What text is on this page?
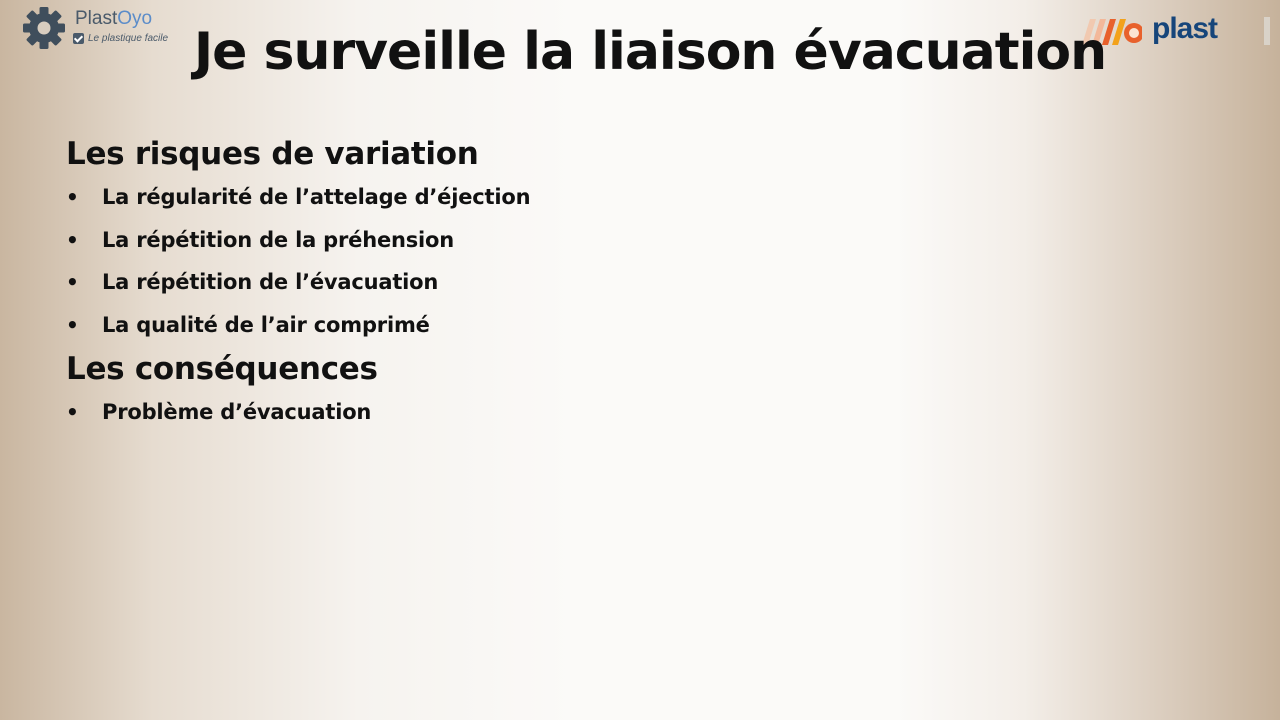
PlastOyo
Le plastique facile	plast
Je surveille la liaison évacuation
Les risques de variation
• La régularité de l’attelage d’éjection
• La répétition de la préhension
• La répétition de l’évacuation
• La qualité de l’air comprimé
Les conséquences
• Problème d’évacuation
